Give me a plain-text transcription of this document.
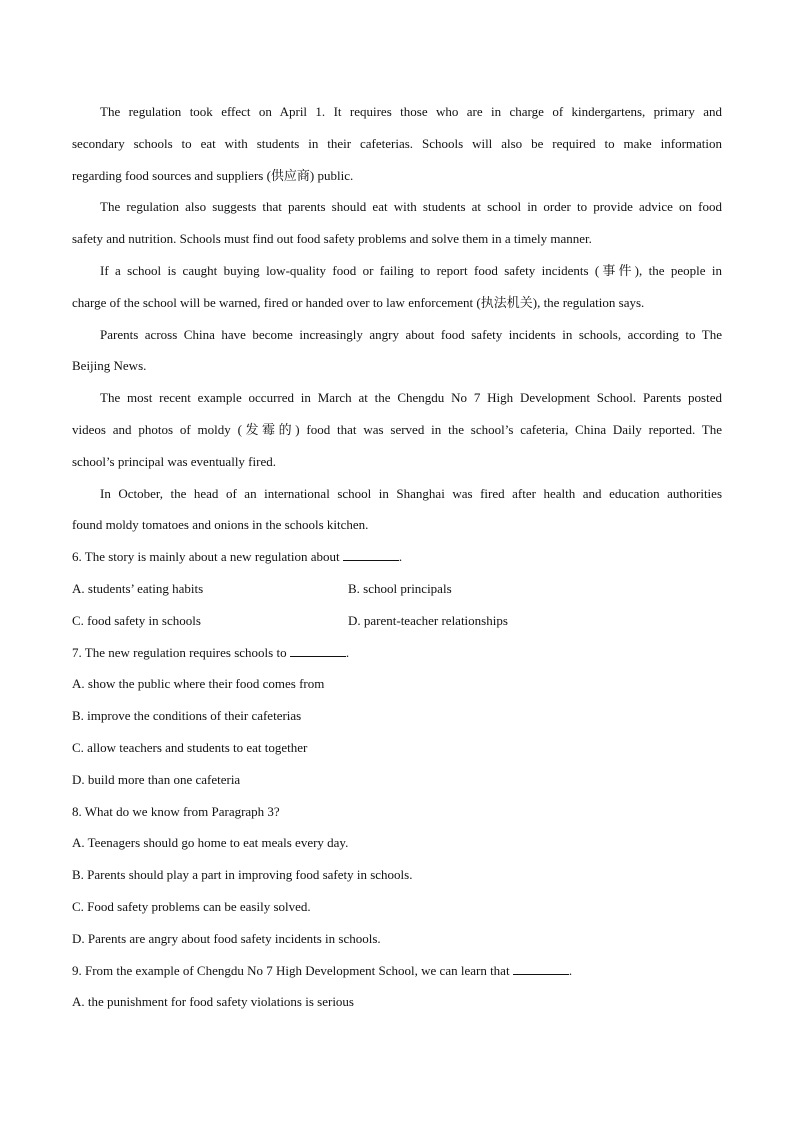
The regulation took effect on April 1. It requires those who are in charge of kindergartens, primary and
secondary schools to eat with students in their cafeterias. Schools will also be required to make information
regarding food sources and suppliers (供应商) public.
The regulation also suggests that parents should eat with students at school in order to provide advice on food
safety and nutrition. Schools must find out food safety problems and solve them in a timely manner.
If a school is caught buying low-quality food or failing to report food safety incidents (事件), the people in
charge of the school will be warned, fired or handed over to law enforcement (执法机关), the regulation says.
Parents across China have become increasingly angry about food safety incidents in schools, according to The
Beijing News.
The most recent example occurred in March at the Chengdu No 7 High Development School. Parents posted
videos and photos of moldy (发霉的) food that was served in the school’s cafeteria, China Daily reported. The
school’s principal was eventually fired.
In October, the head of an international school in Shanghai was fired after health and education authorities
found moldy tomatoes and onions in the schools kitchen.
6. The story is mainly about a new regulation about	.
A. students’ eating habits	B. school principals
C. food safety in schools	D. parent-teacher relationships
7. The new regulation requires schools to	.
A. show the public where their food comes from
B. improve the conditions of their cafeterias
C. allow teachers and students to eat together
D. build more than one cafeteria
8. What do we know from Paragraph 3?
A. Teenagers should go home to eat meals every day.
B. Parents should play a part in improving food safety in schools.
C. Food safety problems can be easily solved.
D. Parents are angry about food safety incidents in schools.
9. From the example of Chengdu No 7 High Development School, we can learn that	.
A. the punishment for food safety violations is serious
